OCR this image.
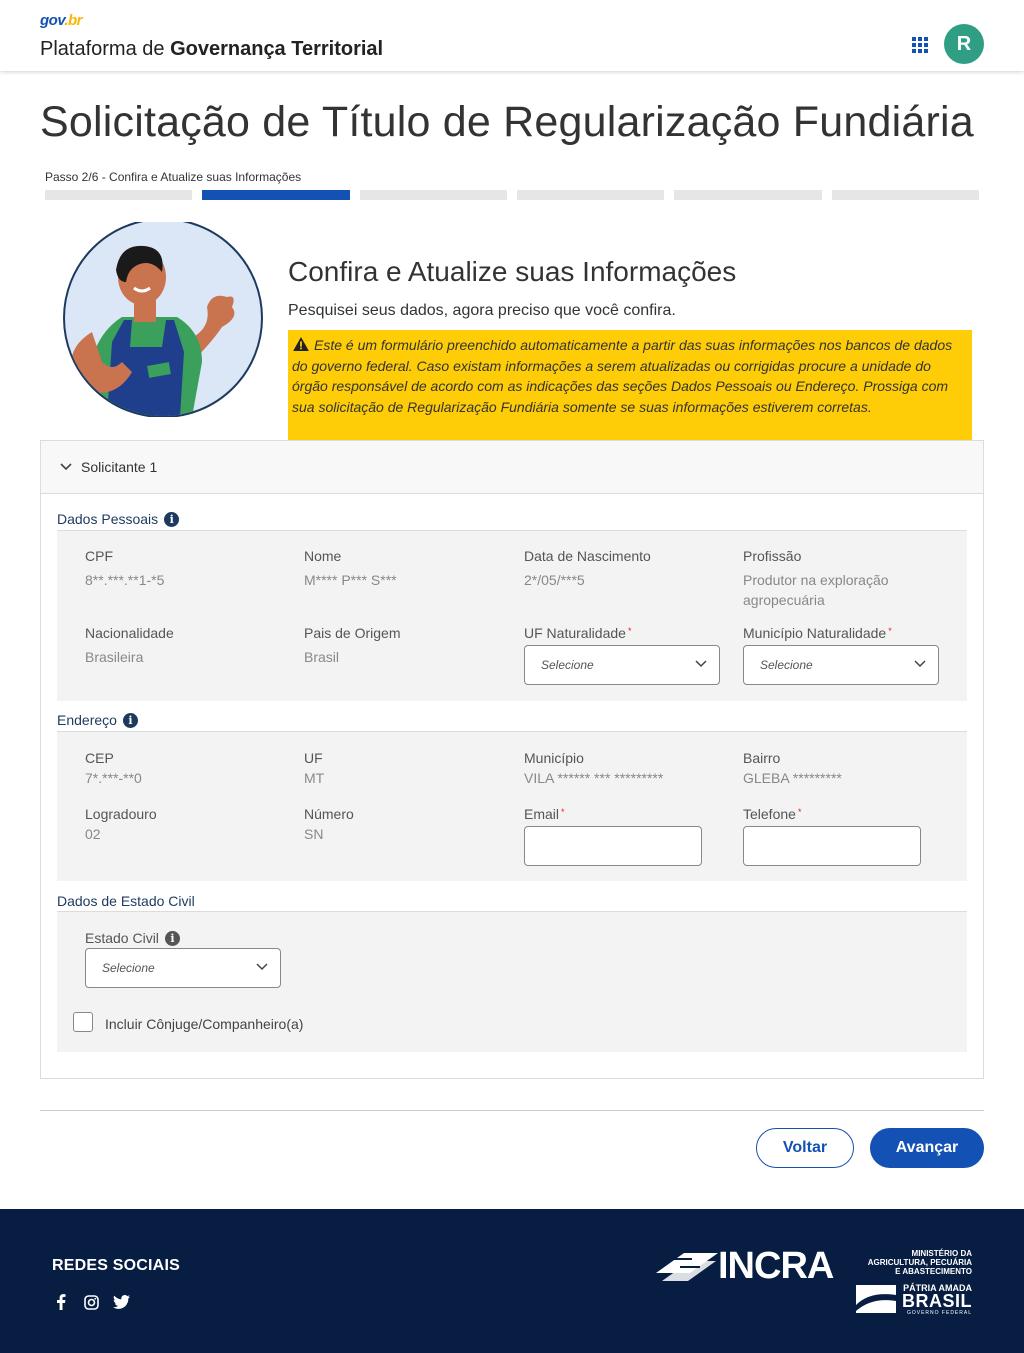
gov.br
Plataforma de Governança Territorial	R
Solicitação de Título de Regularização Fundiária
Passo 2/6 - Confira e Atualize suas Informações
Confira e Atualize suas Informações
Pesquisei seus dados, agora preciso que você confira.
Este é um formulário preenchido automaticamente a partir das suas informações nos bancos de dados do governo federal. Caso existam informações a serem atualizadas ou corrigidas procure a unidade do órgão responsável de acordo com as indicações das seções Dados Pessoais ou Endereço. Prossiga com sua solicitação de Regularização Fundiária somente se suas informações estiverem corretas.
Solicitante 1
Dados Pessoais	i
CPF
8**.***.**1-*5
Nome
M**** P*** S***
Data de Nascimento
2*/05/***5
Profissão
Produtor na exploração agropecuária
Nacionalidade
Brasileira
Pais de Origem
Brasil
UF Naturalidade *
Selecione
Município Naturalidade *
Selecione
Endereço	i
CEP
7*.***-**0
UF
MT
Município
VILA ****** *** *********
Bairro
GLEBA *********
Logradouro
02
Número
SN
Email *	Telefone *
Dados de Estado Civil
Estado Civil	i
Selecione
Incluir Cônjuge/Companheiro(a)
Voltar	Avançar
REDES SOCIAIS	INCRA	MINISTÉRIO DA
AGRICULTURA, PECUÁRIA
E ABASTECIMENTO
PÁTRIA AMADA
BRASIL
GOVERNO FEDERAL
